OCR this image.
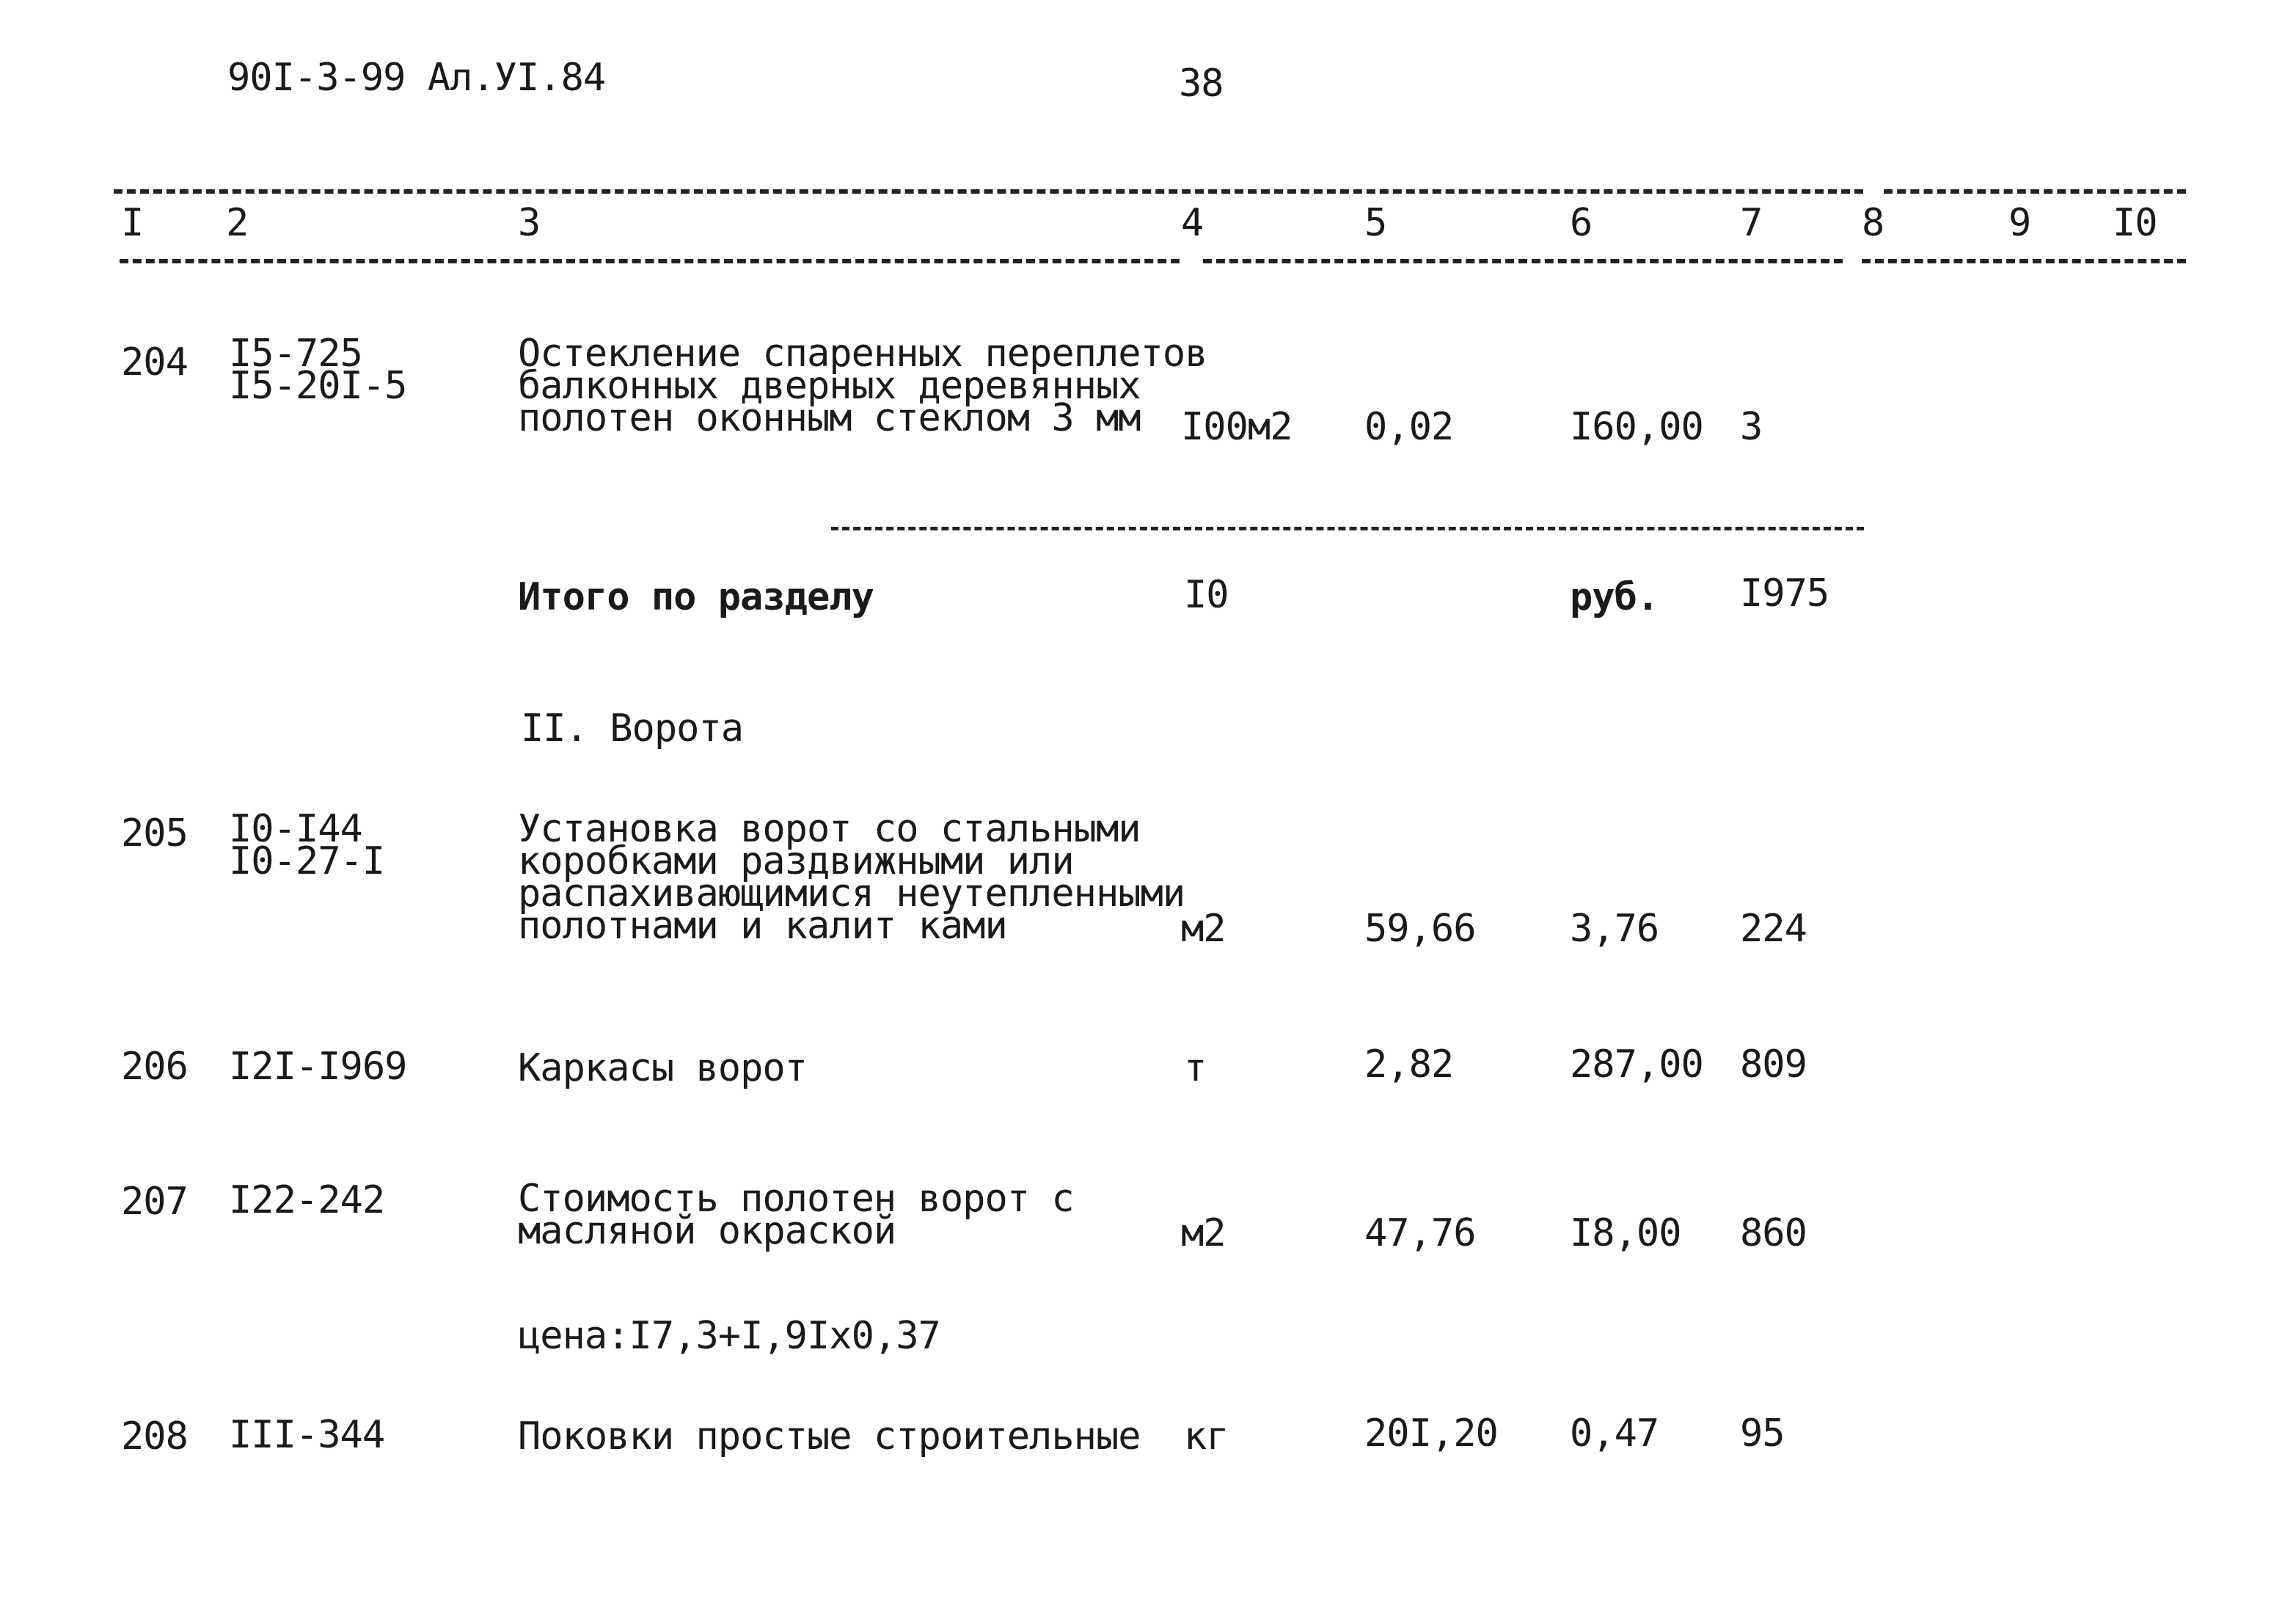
90I-3-99 Ал.УI.84	38
I 2	3	4	5	6	7	8	9 I0
204 I5-725
I5-20I-5
Остекление спаренных переплетов
балконных дверных деревянных
полотен оконным стеклом 3 мм	I00м2 0,02	I60,00 3
Итого по разделу	I0	руб. I975
II. Ворота
205 I0-I44
I0-27-I
Установка ворот со стальными
коробками раздвижными или
распахивающимися неутепленными
полотнами и калит ками	м2	59,66 3,76 224
206 I2I-I969	Каркасы ворот	т	2,82	287,00 809
207 I22-242	Стоимость полотен ворот с
масляной окраской	м2	47,76 I8,00 860
цена:I7,3+I,9Iх0,37
208 III-344	Поковки простые строительные кг	20I,20 0,47 95
